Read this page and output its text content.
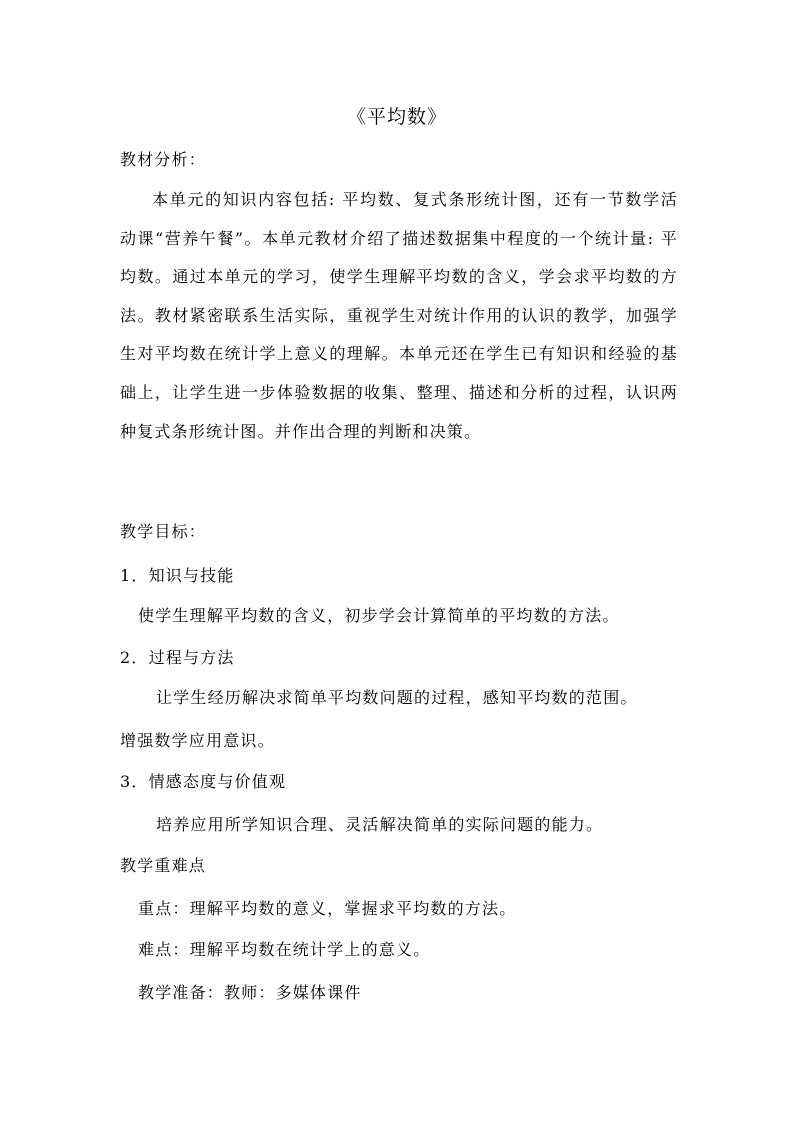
《平均数》
教材分析：
本单元的知识内容包括: 平均数、复式条形统计图，还有一节数学活动课“营养午餐”。本单元教材介绍了描述数据集中程度的一个统计量: 平均数。通过本单元的学习，使学生理解平均数的含义，学会求平均数的方法。教材紧密联系生活实际，重视学生对统计作用的认识的教学，加强学生对平均数在统计学上意义的理解。本单元还在学生已有知识和经验的基础上，让学生进一步体验数据的收集、整理、描述和分析的过程，认识两种复式条形统计图。并作出合理的判断和决策。
教学目标：
1．知识与技能
使学生理解平均数的含义，初步学会计算简单的平均数的方法。
2．过程与方法
让学生经历解决求简单平均数问题的过程，感知平均数的范围。
增强数学应用意识。
3．情感态度与价值观
培养应用所学知识合理、灵活解决简单的实际问题的能力。
教学重难点
重点：理解平均数的意义，掌握求平均数的方法。
难点：理解平均数在统计学上的意义。
教学准备：教师：多媒体课件
